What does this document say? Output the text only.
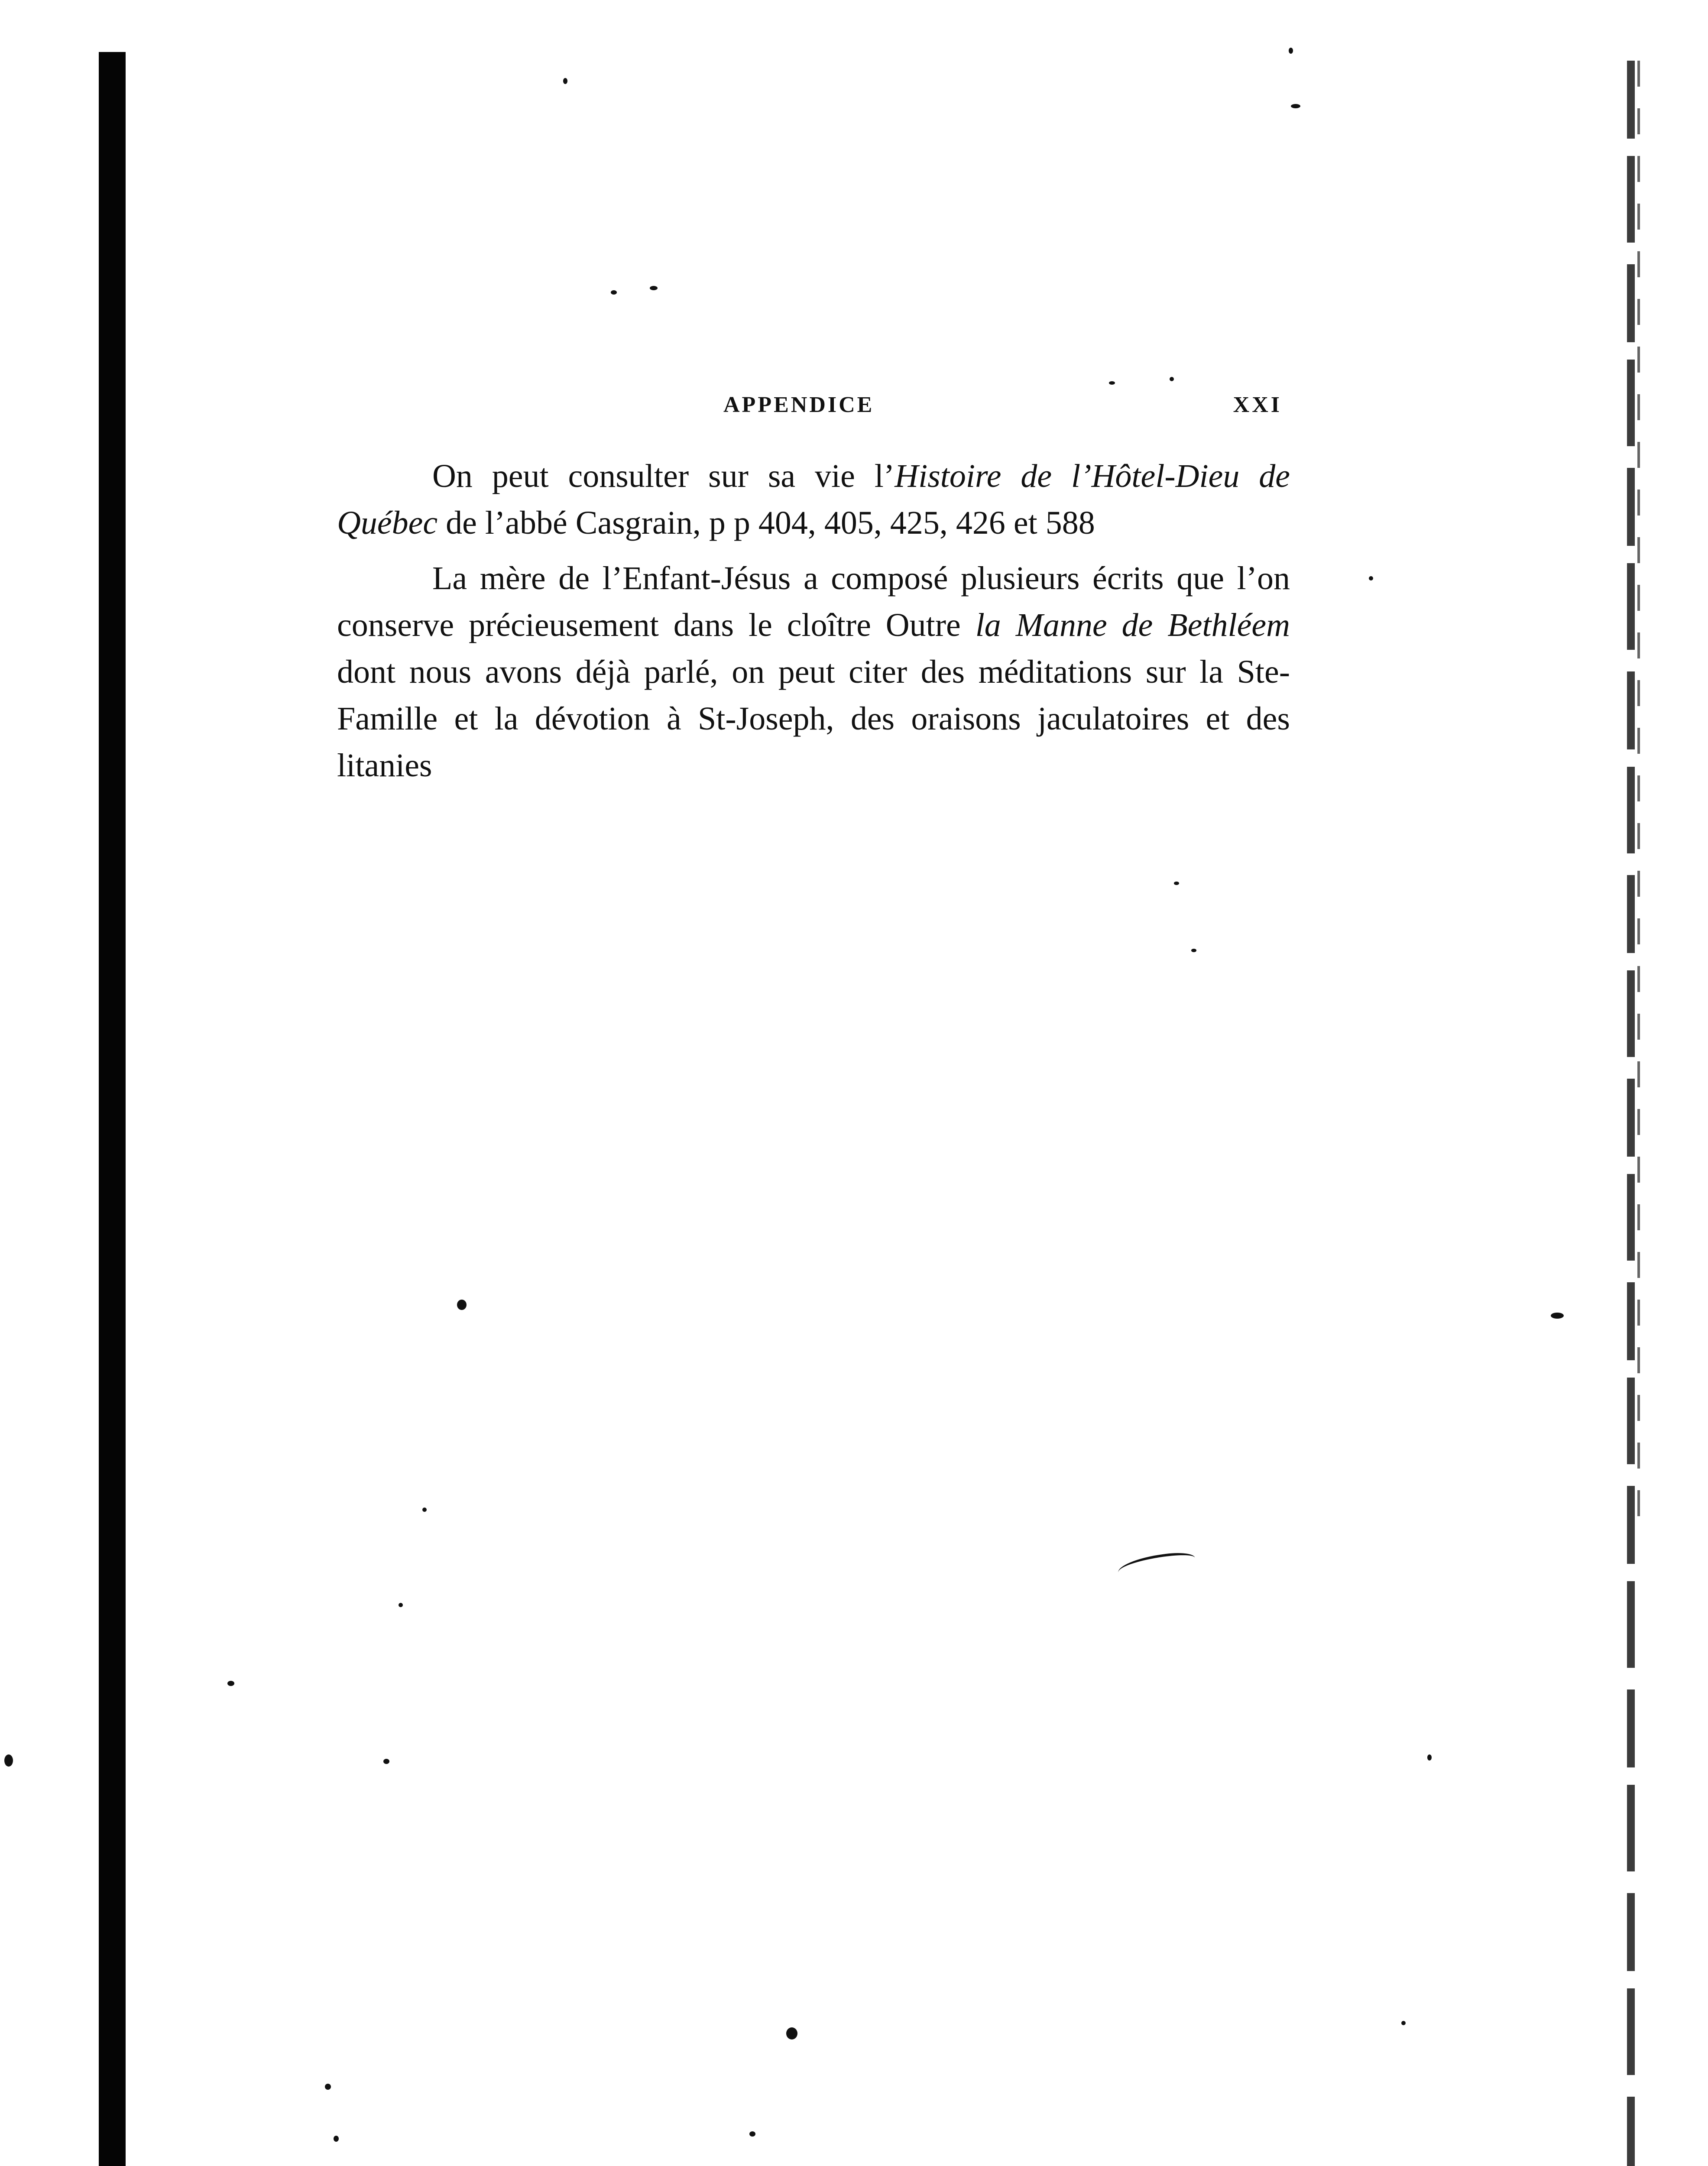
APPENDICE	XXI

On peut consulter sur sa vie l’Histoire de l’Hôtel-Dieu de Québec de l’abbé Casgrain, p p 404, 405, 425, 426 et 588

La mère de l’Enfant-Jésus a composé plusieurs écrits que l’on conserve précieusement dans le cloître Outre la Manne de Bethléem dont nous avons déjà parlé, on peut citer des méditations sur la Ste-Famille et la dévotion à St-Joseph, des oraisons jaculatoires et des litanies
